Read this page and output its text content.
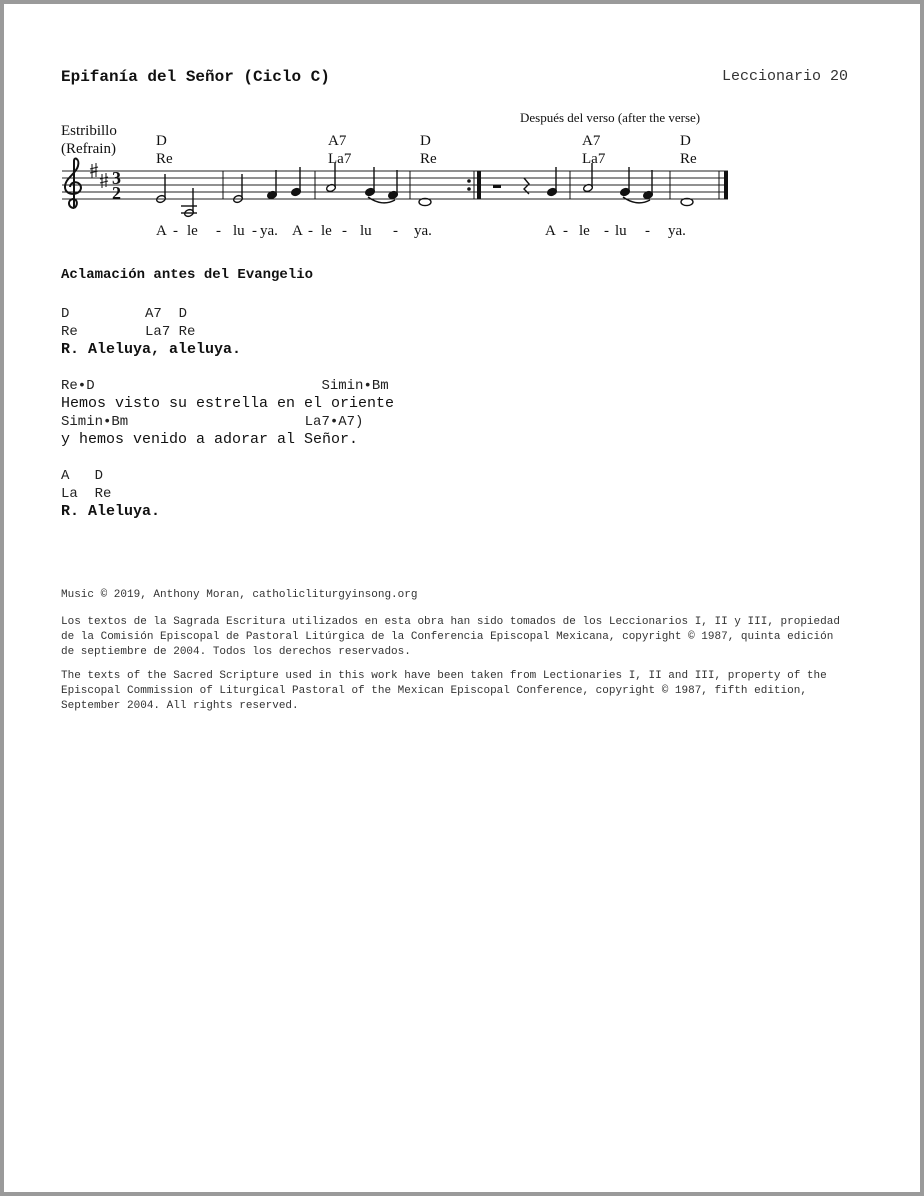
Epifanía del Señor (Ciclo C)	Leccionario 20
Estribillo
(Refrain)
Después del verso (after the verse)
D
Re
A7
La7
D
Re
A7
La7
D
Re
3
2
A - le - lu - ya. A - le - lu - ya.	A - le - lu - ya.
Aclamación antes del Evangelio
D         A7  D
Re        La7 Re
R. Aleluya, aleluya.
Re•D                           Simin•Bm
Hemos visto su estrella en el oriente
Simin•Bm                     La7•A7)
y hemos venido a adorar al Señor.
A   D
La  Re
R. Aleluya.
Music © 2019, Anthony Moran, catholicliturgyinsong.org
Los textos de la Sagrada Escritura utilizados en esta obra han sido tomados de los Leccionarios I, II y III, propiedad de la Comisión Episcopal de Pastoral Litúrgica de la Conferencia Episcopal Mexicana, copyright © 1987, quinta edición de septiembre de 2004. Todos los derechos reservados.
The texts of the Sacred Scripture used in this work have been taken from Lectionaries I, II and III, property of the Episcopal Commission of Liturgical Pastoral of the Mexican Episcopal Conference, copyright © 1987, fifth edition, September 2004. All rights reserved.
